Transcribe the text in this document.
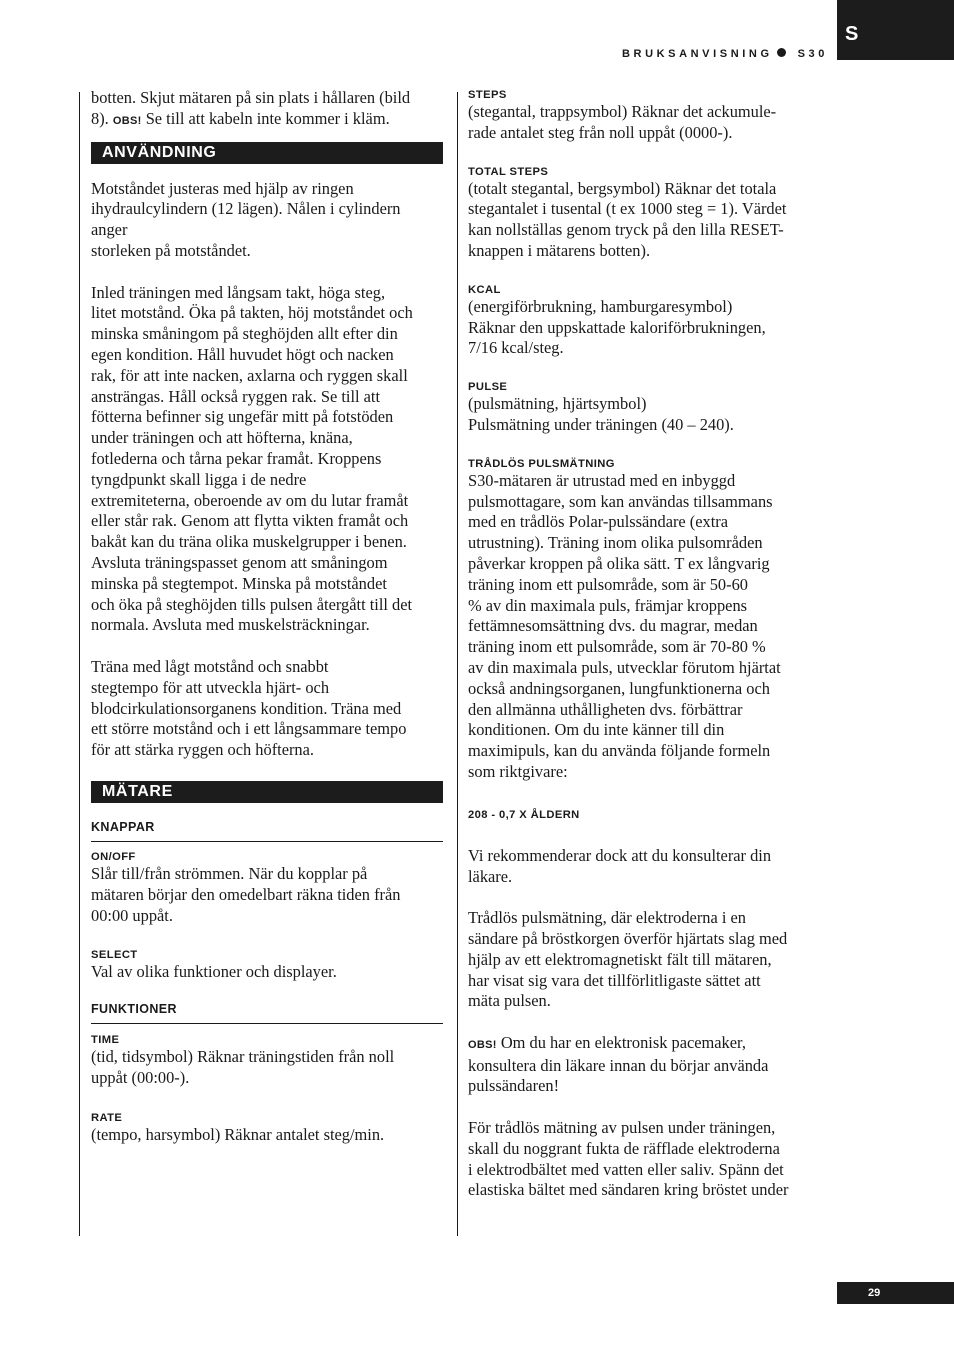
S
BRUKSANVISNING S30

botten. Skjut mätaren på sin plats i hållaren (bild

8). OBS! Se till att kabeln inte kommer i kläm.

ANVÄNDNING

Motståndet justeras med hjälp av ringen

ihydraulcylindern (12 lägen). Nålen i cylindern

anger

storleken på motståndet.

Inled träningen med långsam takt, höga steg,

litet motstånd. Öka på takten, höj motståndet och

minska småningom på steghöjden allt efter din

egen kondition. Håll huvudet högt och nacken

rak, för att inte nacken, axlarna och ryggen skall

ansträngas. Håll också ryggen rak. Se till att

fötterna befinner sig ungefär mitt på fotstöden

under träningen och att höfterna, knäna,

fotlederna och tårna pekar framåt. Kroppens

tyngdpunkt skall ligga i de nedre

extremiteterna, oberoende av om du lutar framåt

eller står rak. Genom att flytta vikten framåt och

bakåt kan du träna olika muskelgrupper i benen.

Avsluta träningspasset genom att småningom

minska på stegtempot. Minska på motståndet

och öka på steghöjden tills pulsen återgått till det

normala. Avsluta med muskelsträckningar.

Träna med lågt motstånd och snabbt

stegtempo för att utveckla hjärt- och

blodcirkulationsorganens kondition. Träna med

ett större motstånd och i ett långsammare tempo

för att stärka ryggen och höfterna.

MÄTARE
KNAPPAR
ON/OFF

Slår till/från strömmen. När du kopplar på

mätaren börjar den omedelbart räkna tiden från

00:00 uppåt.

SELECT

Val av olika funktioner och displayer.

FUNKTIONER
TIME

(tid, tidsymbol) Räknar träningstiden från noll

uppåt (00:00-).

RATE

(tempo, harsymbol) Räknar antalet steg/min.

STEPS

(stegantal, trappsymbol) Räknar det ackumule-

rade antalet steg från noll uppåt (0000-).

TOTAL STEPS

(totalt stegantal, bergsymbol) Räknar det totala

stegantalet i tusental (t ex 1000 steg = 1). Värdet

kan nollställas genom tryck på den lilla RESET-

knappen i mätarens botten).

KCAL

(energiförbrukning, hamburgaresymbol)

Räknar den uppskattade kaloriförbrukningen,

7/16 kcal/steg.

PULSE

(pulsmätning, hjärtsymbol)

Pulsmätning under träningen (40 – 240).

TRÅDLÖS PULSMÄTNING

S30-mätaren är utrustad med en inbyggd

pulsmottagare, som kan användas tillsammans

med en trådlös Polar-pulssändare (extra

utrustning). Träning inom olika pulsområden

påverkar kroppen på olika sätt. T ex långvarig

träning inom ett pulsområde, som är 50-60

% av din maximala puls, främjar kroppens

fettämnesomsättning dvs. du magrar, medan

träning inom ett pulsområde, som är 70-80 %

av din maximala puls, utvecklar förutom hjärtat

också andningsorganen, lungfunktionerna och

den allmänna uthålligheten dvs. förbättrar

konditionen. Om du inte känner till din

maximipuls, kan du använda följande formeln

som riktgivare:

208 - 0,7 X ÅLDERN

Vi rekommenderar dock att du konsulterar din

läkare.

Trådlös pulsmätning, där elektroderna i en

sändare på bröstkorgen överför hjärtats slag med

hjälp av ett elektromagnetiskt fält till mätaren,

har visat sig vara det tillförlitligaste sättet att

mäta pulsen.

OBS! Om du har en elektronisk pacemaker,

konsultera din läkare innan du börjar använda

pulssändaren!

För trådlös mätning av pulsen under träningen,

skall du noggrant fukta de räfflade elektroderna

i elektrodbältet med vatten eller saliv. Spänn det

elastiska bältet med sändaren kring bröstet under

29
